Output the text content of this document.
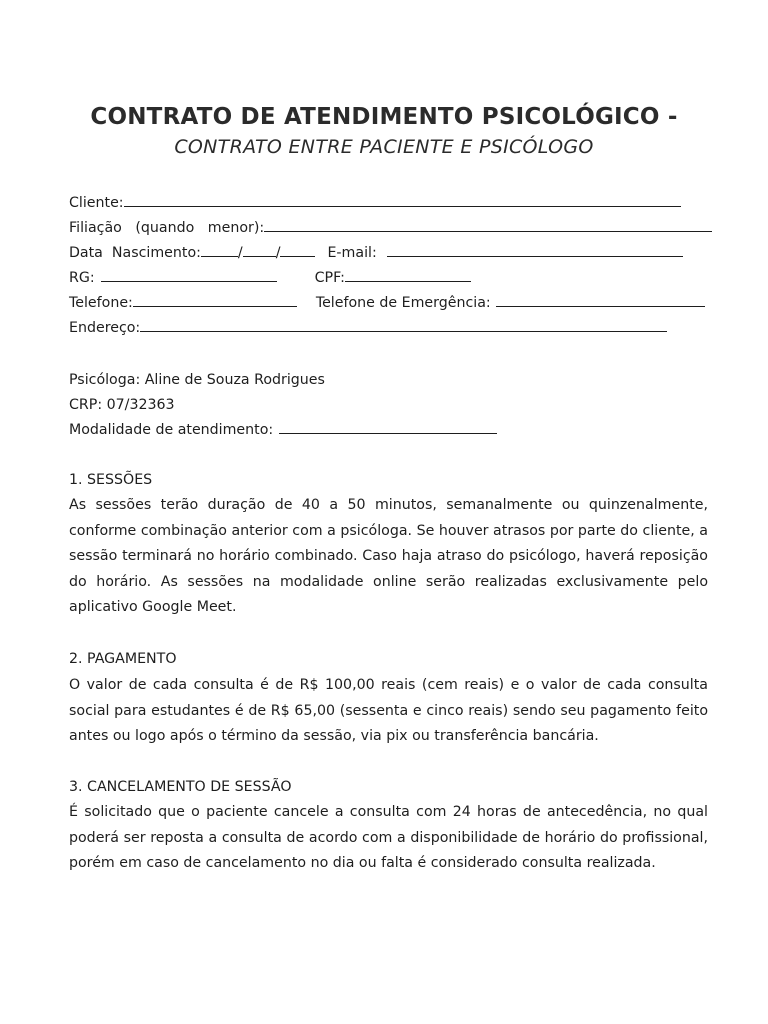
CONTRATO DE ATENDIMENTO PSICOLÓGICO -
CONTRATO ENTRE PACIENTE E PSICÓLOGO
Cliente:
Filiação   (quando   menor):
Data  Nascimento:	/ /	E-mail:
RG:	CPF:
Telefone:	Telefone de Emergência:
Endereço:
Psicóloga: Aline de Souza Rodrigues
CRP: 07/32363
Modalidade de atendimento:
1. SESSÕES
As sessões terão duração de 40 a 50 minutos, semanalmente ou quinzenalmente, conforme combinação anterior com a psicóloga. Se houver atrasos por parte do cliente, a sessão terminará no horário combinado. Caso haja atraso do psicólogo, haverá reposição do horário. As sessões na modalidade online serão realizadas exclusivamente pelo aplicativo Google Meet.
2. PAGAMENTO
O valor de cada consulta é de R$ 100,00 reais (cem reais) e o valor de cada consulta social para estudantes é de R$ 65,00 (sessenta e cinco reais) sendo seu pagamento feito antes ou logo após o término da sessão, via pix ou transferência bancária.
3. CANCELAMENTO DE SESSÃO
É solicitado que o paciente cancele a consulta com 24 horas de antecedência, no qual poderá ser reposta a consulta de acordo com a disponibilidade de horário do profissional, porém em caso de cancelamento no dia ou falta é considerado consulta realizada.
